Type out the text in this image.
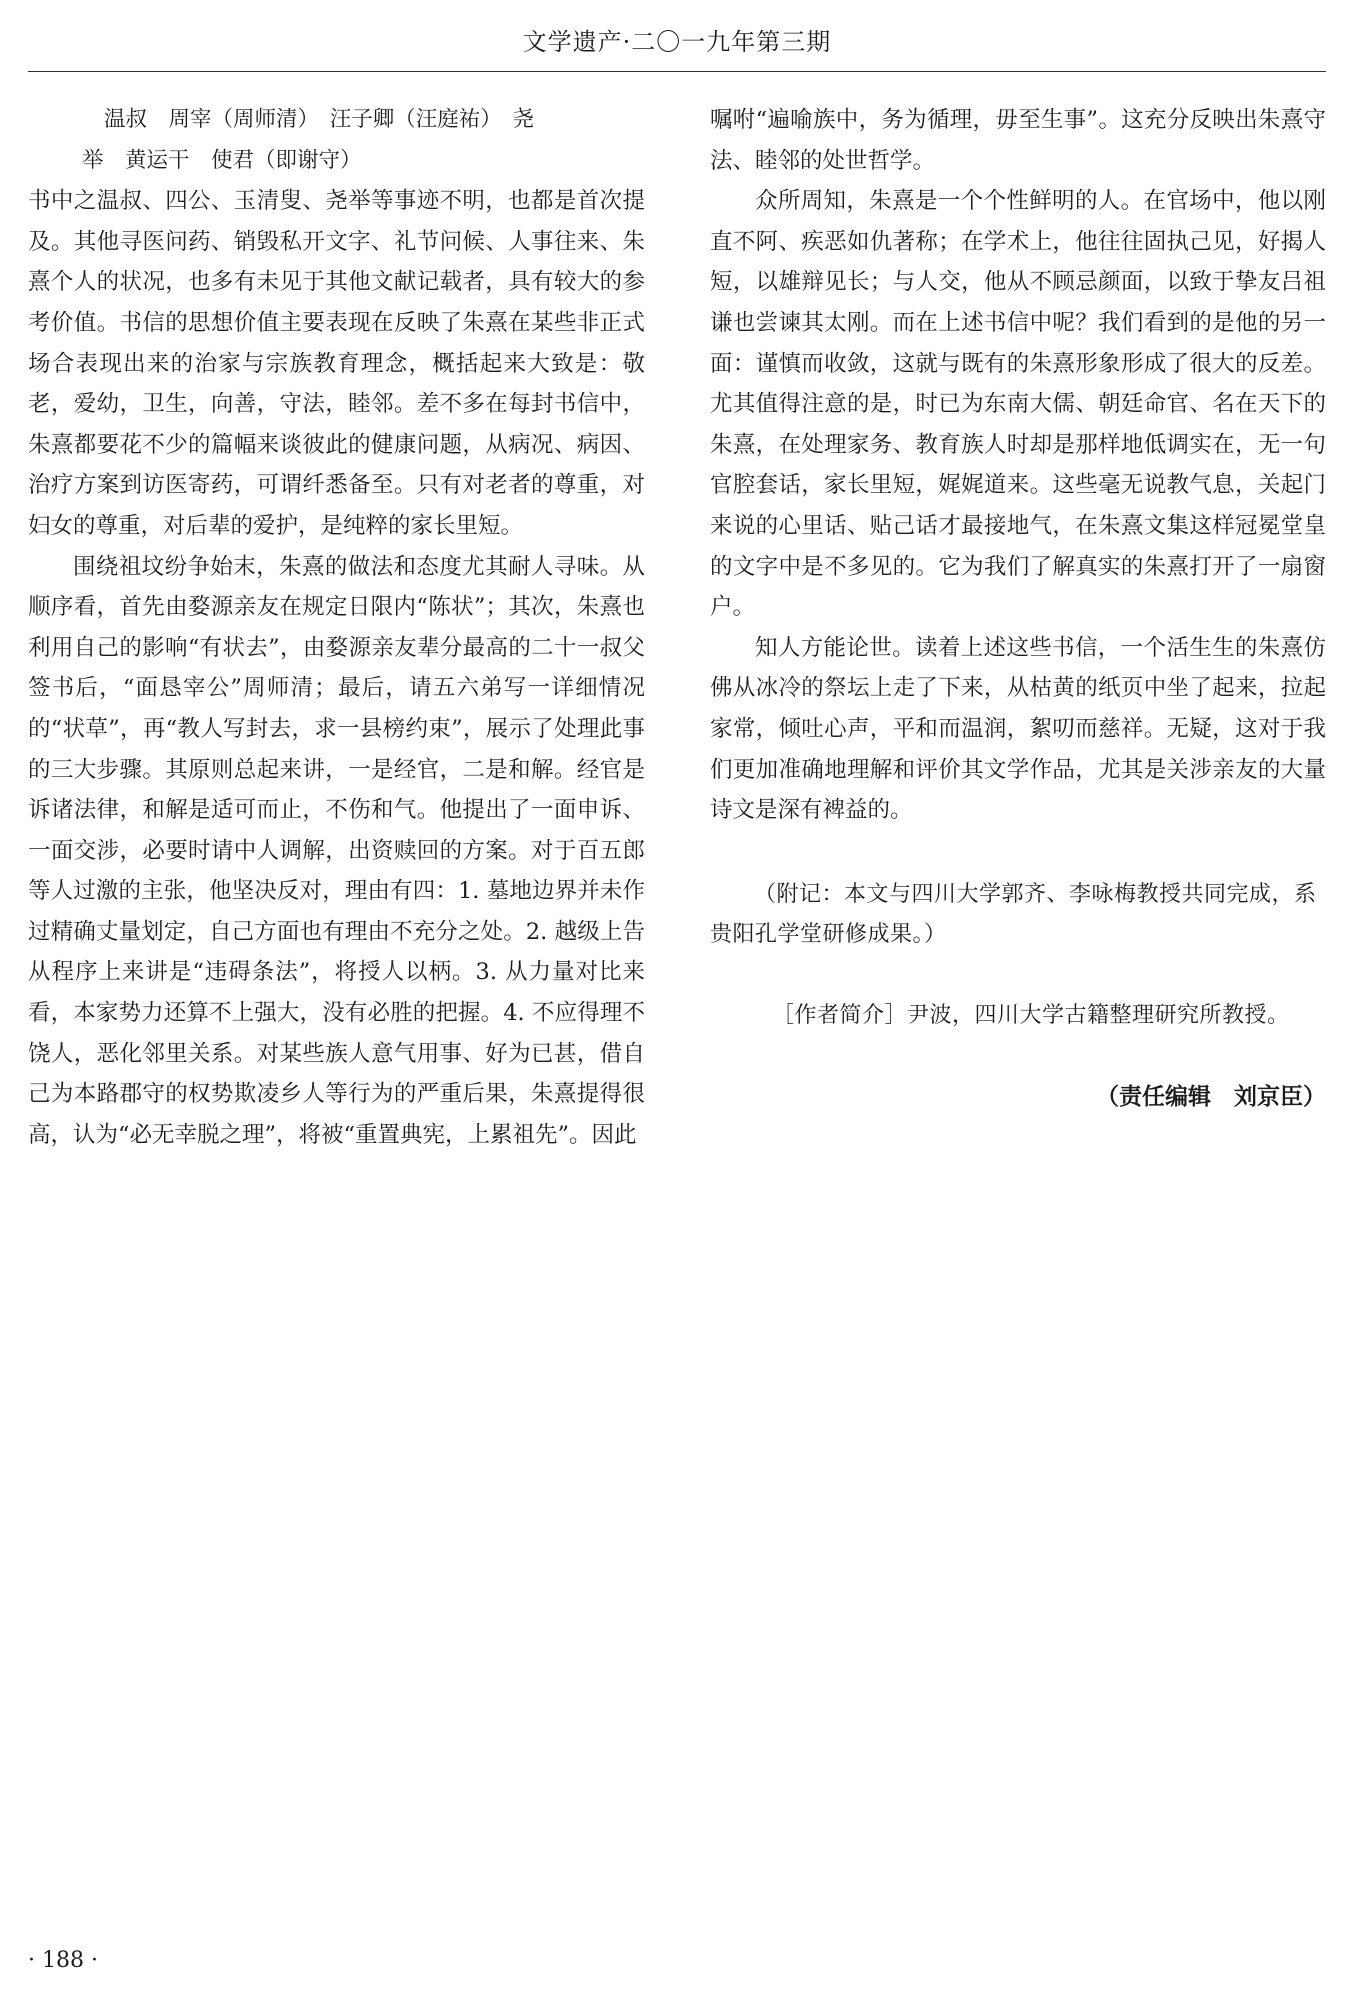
文学遗产·二〇一九年第三期

温叔　周宰（周师清）　汪子卿（汪庭祐）　尧
举　黄运干　使君（即谢守）

书中之温叔、四公、玉清叟、尧举等事迹不明，也都是首次提及。其他寻医问药、销毁私开文字、礼节问候、人事往来、朱熹个人的状况，也多有未见于其他文献记载者，具有较大的参考价值。书信的思想价值主要表现在反映了朱熹在某些非正式场合表现出来的治家与宗族教育理念，概括起来大致是：敬老，爱幼，卫生，向善，守法，睦邻。差不多在每封书信中，朱熹都要花不少的篇幅来谈彼此的健康问题，从病况、病因、治疗方案到访医寄药，可谓纤悉备至。只有对老者的尊重，对妇女的尊重，对后辈的爱护，是纯粹的家长里短。

围绕祖坟纷争始末，朱熹的做法和态度尤其耐人寻味。从顺序看，首先由婺源亲友在规定日限内“陈状”；其次，朱熹也利用自己的影响“有状去”，由婺源亲友辈分最高的二十一叔父签书后，“面恳宰公”周师清；最后，请五六弟写一详细情况的“状草”，再“教人写封去，求一县榜约束”，展示了处理此事的三大步骤。其原则总起来讲，一是经官，二是和解。经官是诉诸法律，和解是适可而止，不伤和气。他提出了一面申诉、一面交涉，必要时请中人调解，出资赎回的方案。对于百五郎等人过激的主张，他坚决反对，理由有四：1. 墓地边界并未作过精确丈量划定，自己方面也有理由不充分之处。2. 越级上告从程序上来讲是“违碍条法”，将授人以柄。3. 从力量对比来看，本家势力还算不上强大，没有必胜的把握。4. 不应得理不饶人，恶化邻里关系。对某些族人意气用事、好为已甚，借自己为本路郡守的权势欺凌乡人等行为的严重后果，朱熹提得很高，认为“必无幸脱之理”，将被“重置典宪，上累祖先”。因此

嘱咐“遍喻族中，务为循理，毋至生事”。这充分反映出朱熹守法、睦邻的处世哲学。

众所周知，朱熹是一个个性鲜明的人。在官场中，他以刚直不阿、疾恶如仇著称；在学术上，他往往固执己见，好揭人短，以雄辩见长；与人交，他从不顾忌颜面，以致于挚友吕祖谦也尝谏其太刚。而在上述书信中呢？我们看到的是他的另一面：谨慎而收敛，这就与既有的朱熹形象形成了很大的反差。尤其值得注意的是，时已为东南大儒、朝廷命官、名在天下的朱熹，在处理家务、教育族人时却是那样地低调实在，无一句官腔套话，家长里短，娓娓道来。这些毫无说教气息，关起门来说的心里话、贴己话才最接地气，在朱熹文集这样冠冕堂皇的文字中是不多见的。它为我们了解真实的朱熹打开了一扇窗户。

知人方能论世。读着上述这些书信，一个活生生的朱熹仿佛从冰冷的祭坛上走了下来，从枯黄的纸页中坐了起来，拉起家常，倾吐心声，平和而温润，絮叨而慈祥。无疑，这对于我们更加准确地理解和评价其文学作品，尤其是关涉亲友的大量诗文是深有裨益的。

（附记：本文与四川大学郭齐、李咏梅教授共同完成，系贵阳孔学堂研修成果。）

［作者简介］尹波，四川大学古籍整理研究所教授。

（责任编辑　刘京臣）

· 188 ·
